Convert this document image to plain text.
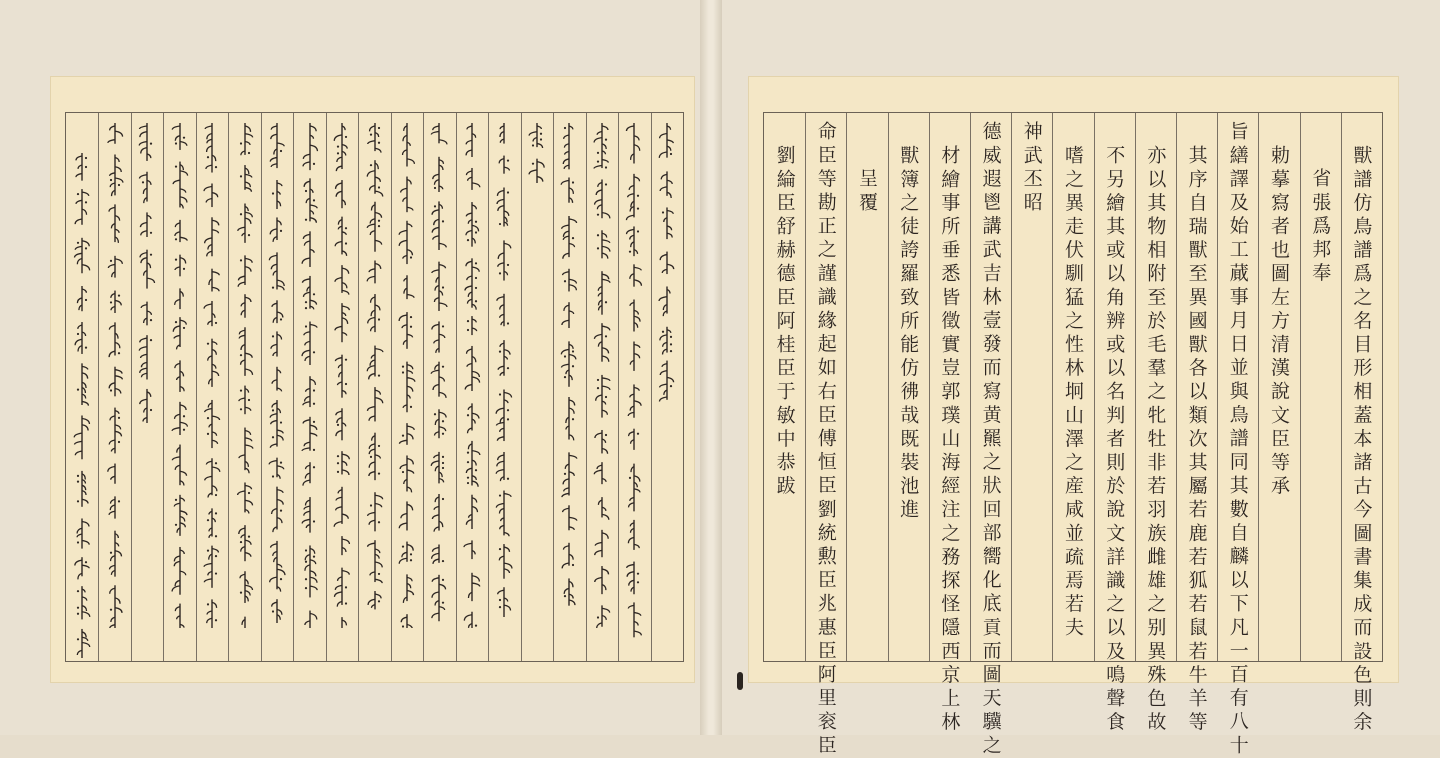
獸譜仿鳥譜爲之名目形相蓋本諸古今圖書集成而設色則余
省張爲邦奉
勅摹寫者也圖左方清漢說文臣等承
旨繕譯及始工蕆事月日並與鳥譜同其數自麟以下凡一百有八十
其序自瑞獸至異國獸各以類次其屬若鹿若狐若鼠若牛羊等
亦以其物相附至於毛羣之牝牡非若羽族雌雄之别異殊色故
不另繪其或以角辨或以名判者則於說文詳識之以及鳴聲食
嗜之異走伏馴猛之性林坰山澤之産咸並疏焉若夫
神武丕昭
德威遐鬯講武吉林壹發而寫黄羆之狀回部嚮化底貢而圖天驥之
材繪事所垂悉皆徵實豈郭璞山海經注之務探怪隱西京上林
獸簿之徒誇羅致所能仿彿哉既裝池進
呈覆
命臣等勘正之謹識緣起如右臣傅恒臣劉統勲臣兆惠臣阿里衮臣
劉綸臣舒赫德臣阿桂臣于敏中恭跋
